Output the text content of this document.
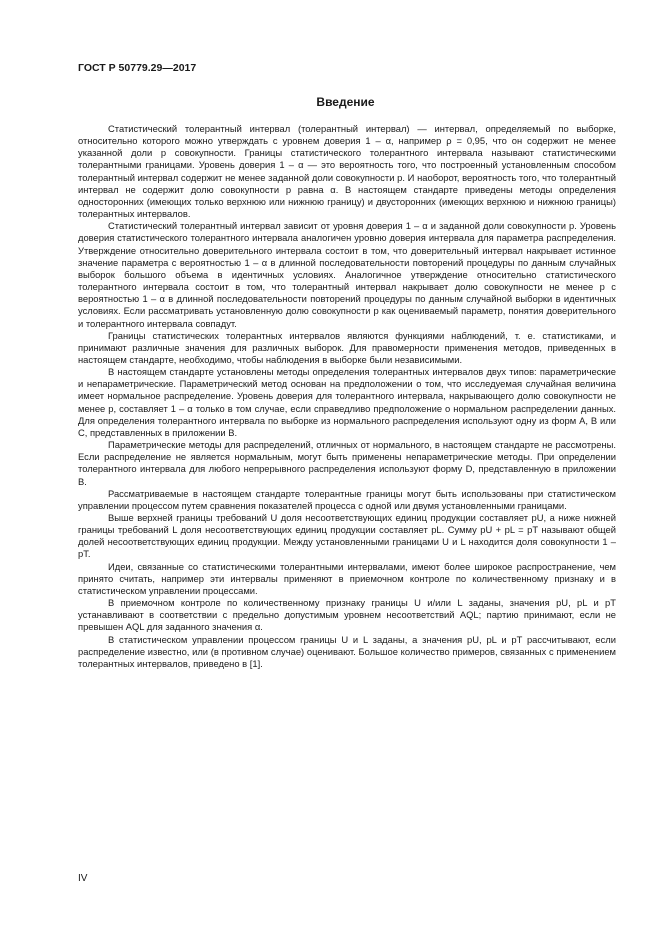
ГОСТ Р 50779.29—2017
Введение

Статистический толерантный интервал (толерантный интервал) — интервал, определяемый по выборке, относительно которого можно утверждать с уровнем доверия 1 – α, например ρ = 0,95, что он содержит не менее указанной доли p совокупности. Границы статистического толерантного интервала называют статистическими толерантными границами. Уровень доверия 1 – α — это вероятность того, что построенный установленным способом толерантный интервал содержит не менее заданной доли совокупности p. И наоборот, вероятность того, что толерантный интервал не содержит долю совокупности p равна α. В настоящем стандарте приведены методы определения односторонних (имеющих только верхнюю или нижнюю границу) и двусторонних (имеющих верхнюю и нижнюю границы) толерантных интервалов.

Статистический толерантный интервал зависит от уровня доверия 1 – α и заданной доли совокупности p. Уровень доверия статистического толерантного интервала аналогичен уровню доверия интервала для параметра распределения. Утверждение относительно доверительного интервала состоит в том, что доверительный интервал накрывает истинное значение параметра с вероятностью 1 – α в длинной последовательности повторений процедуры по данным случайных выборок большого объема в идентичных условиях. Аналогичное утверждение относительно статистического толерантного интервала состоит в том, что толерантный интервал накрывает долю совокупности не менее p с вероятностью 1 – α в длинной последовательности повторений процедуры по данным случайной выборки в идентичных условиях. Если рассматривать установленную долю совокупности p как оцениваемый параметр, понятия доверительного и толерантного интервала совпадут.

Границы статистических толерантных интервалов являются функциями наблюдений, т. е. статистиками, и принимают различные значения для различных выборок. Для правомерности применения методов, приведенных в настоящем стандарте, необходимо, чтобы наблюдения в выборке были независимыми.

В настоящем стандарте установлены методы определения толерантных интервалов двух типов: параметрические и непараметрические. Параметрический метод основан на предположении о том, что исследуемая случайная величина имеет нормальное распределение. Уровень доверия для толерантного интервала, накрывающего долю совокупности не менее p, составляет 1 – α только в том случае, если справедливо предположение о нормальном распределении данных. Для определения толерантного интервала по выборке из нормального распределения используют одну из форм А, В или С, представленных в приложении В.

Параметрические методы для распределений, отличных от нормального, в настоящем стандарте не рассмотрены. Если распределение не является нормальным, могут быть применены непараметрические методы. При определении толерантного интервала для любого непрерывного распределения используют форму D, представленную в приложении В.

Рассматриваемые в настоящем стандарте толерантные границы могут быть использованы при статистическом управлении процессом путем сравнения показателей процесса с одной или двумя установленными границами.

Выше верхней границы требований U доля несоответствующих единиц продукции составляет pU, а ниже нижней границы требований L доля несоответствующих единиц продукции составляет pL. Сумму pU + pL = pT называют общей долей несоответствующих единиц продукции. Между установленными границами U и L находится доля совокупности 1 – pT.

Идеи, связанные со статистическими толерантными интервалами, имеют более широкое распространение, чем принято считать, например эти интервалы применяют в приемочном контроле по количественному признаку и в статистическом управлении процессами.

В приемочном контроле по количественному признаку границы U и/или L заданы, значения pU, pL и pT устанавливают в соответствии с предельно допустимым уровнем несоответствий AQL; партию принимают, если не превышен AQL для заданного значения α.

В статистическом управлении процессом границы U и L заданы, а значения pU, pL и pT рассчитывают, если распределение известно, или (в противном случае) оценивают. Большое количество примеров, связанных с применением толерантных интервалов, приведено в [1].

IV
